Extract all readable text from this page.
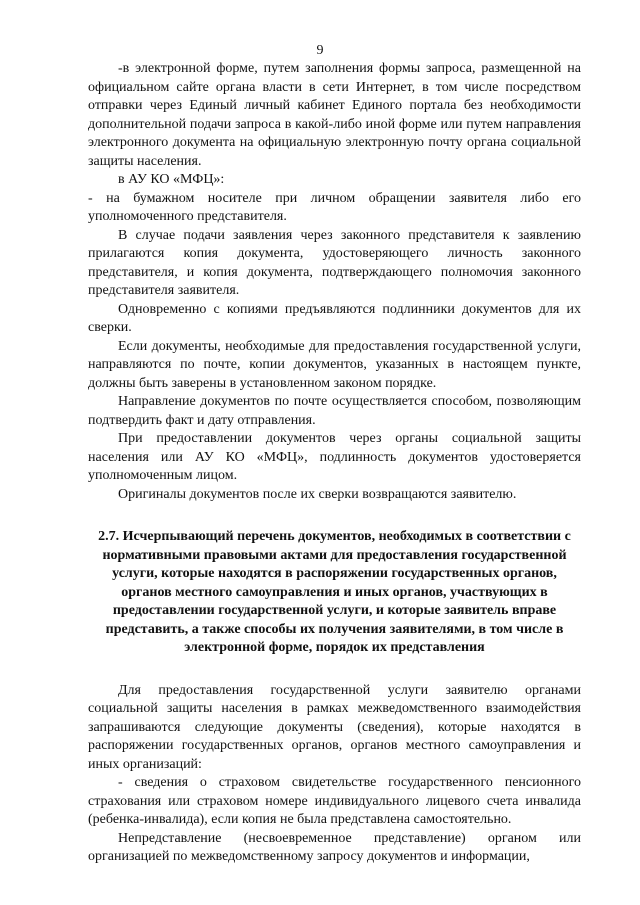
9

-в электронной форме, путем заполнения формы запроса, размещенной на официальном сайте органа власти в сети Интернет, в том числе посредством отправки через Единый личный кабинет Единого портала без необходимости дополнительной подачи запроса в какой-либо иной форме или путем направления электронного документа на официальную электронную почту органа социальной защиты населения.

в АУ КО «МФЦ»:

- на бумажном носителе при личном обращении заявителя либо его уполномоченного представителя.

В случае подачи заявления через законного представителя к заявлению прилагаются копия документа, удостоверяющего личность законного представителя, и копия документа, подтверждающего полномочия законного представителя заявителя.

Одновременно с копиями предъявляются подлинники документов для их сверки.

Если документы, необходимые для предоставления государственной услуги, направляются по почте, копии документов, указанных в настоящем пункте, должны быть заверены в установленном законом порядке.

Направление документов по почте осуществляется способом, позволяющим подтвердить факт и дату отправления.

При предоставлении документов через органы социальной защиты населения или АУ КО «МФЦ», подлинность документов удостоверяется уполномоченным лицом.

Оригиналы документов после их сверки возвращаются заявителю.

2.7. Исчерпывающий перечень документов, необходимых в соответствии с нормативными правовыми актами для предоставления государственной услуги, которые находятся в распоряжении государственных органов, органов местного самоуправления и иных органов, участвующих в предоставлении государственной услуги, и которые заявитель вправе представить, а также способы их получения заявителями, в том числе в электронной форме, порядок их представления

Для предоставления государственной услуги заявителю органами социальной защиты населения в рамках межведомственного взаимодействия запрашиваются следующие документы (сведения), которые находятся в распоряжении государственных органов, органов местного самоуправления и иных организаций:

- сведения о страховом свидетельстве государственного пенсионного страхования или страховом номере индивидуального лицевого счета инвалида (ребенка-инвалида), если копия не была представлена самостоятельно.

Непредставление (несвоевременное представление) органом или организацией по межведомственному запросу документов и информации,
